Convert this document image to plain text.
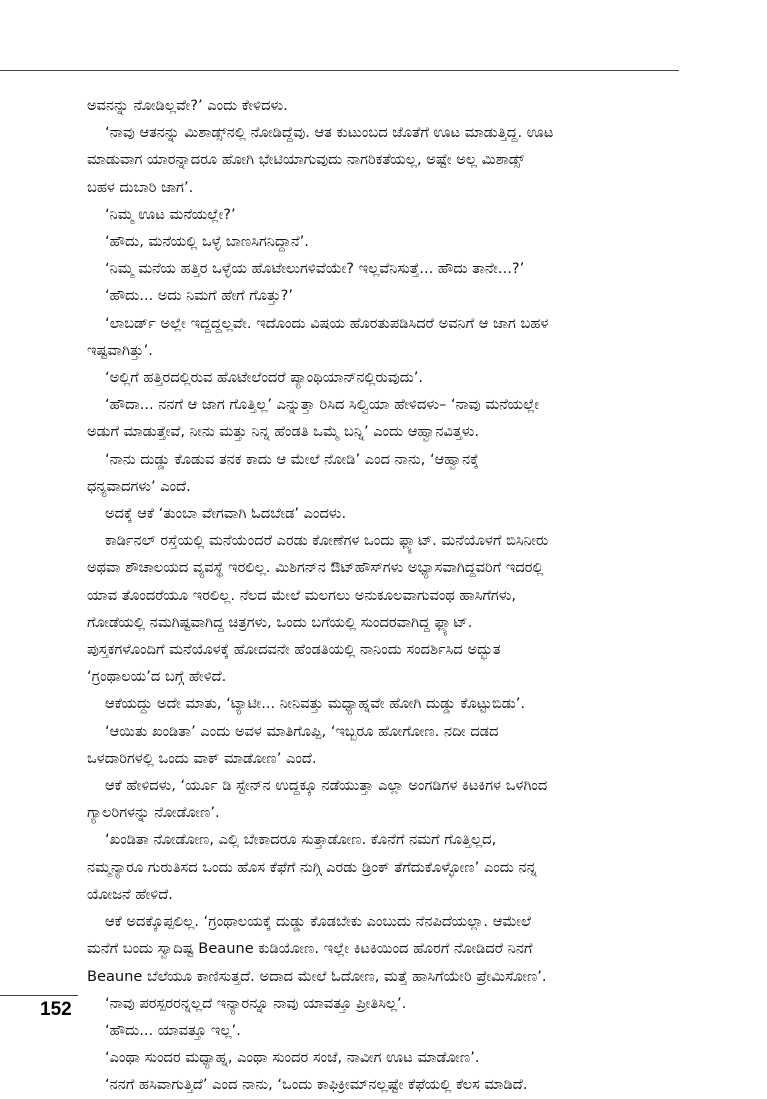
ಅವನನ್ನು ನೋಡಿಲ್ಲವೇ?’ ಎಂದು ಕೇಳಿದಳು.

‘ನಾವು ಆತನನ್ನು ಮಿಶಾಡ್ಸ್‌ನಲ್ಲಿ ನೋಡಿದ್ದೆವು. ಆತ ಕುಟುಂಬದ ಜೊತೆಗೆ ಊಟ ಮಾಡುತ್ತಿದ್ದ. ಊಟ

ಮಾಡುವಾಗ ಯಾರನ್ನಾದರೂ ಹೋಗಿ ಭೇಟಿಯಾಗುವುದು ನಾಗರಿಕತೆಯಲ್ಲ, ಅಷ್ಟೇ ಅಲ್ಲ ಮಿಶಾಡ್ಸ್

ಬಹಳ ದುಬಾರಿ ಜಾಗ’.

‘ನಿಮ್ಮ ಊಟ ಮನೆಯಲ್ಲೇ?’

‘ಹೌದು, ಮನೆಯಲ್ಲಿ ಒಳ್ಳೆ ಬಾಣಸಿಗನಿದ್ದಾನೆ’.

‘ನಿಮ್ಮ ಮನೆಯ ಹತ್ತಿರ ಒಳ್ಳೆಯ ಹೊಟೇಲುಗಳಿವೆಯೇ? ಇಲ್ಲವೆನಿಸುತ್ತೆ... ಹೌದು ತಾನೇ...?’

‘ಹೌದು... ಅದು ನಿಮಗೆ ಹೇಗೆ ಗೊತ್ತು?’

‘ಲಾಬರ್ಡ್ ಅಲ್ಲೇ ಇದ್ದದ್ದಲ್ಲವೇ. ಇದೊಂದು ವಿಷಯ ಹೊರತುಪಡಿಸಿದರೆ ಅವನಿಗೆ ಆ ಜಾಗ ಬಹಳ

ಇಷ್ಟವಾಗಿತ್ತು’.

‘ಅಲ್ಲಿಗೆ ಹತ್ತಿರದಲ್ಲಿರುವ ಹೊಟೇಲೆಂದರೆ ಪ್ಯಾಂಥಿಯಾನ್‌ನಲ್ಲಿರುವುದು’.

‘ಹೌದಾ... ನನಗೆ ಆ ಜಾಗ ಗೊತ್ತಿಲ್ಲ’ ಎನ್ನುತ್ತಾ ರಿಸಿದ ಸಿಲ್ವಿಯಾ ಹೇಳಿದಳು– ‘ನಾವು ಮನೆಯಲ್ಲೇ

ಅಡುಗೆ ಮಾಡುತ್ತೇವೆ, ನೀನು ಮತ್ತು ನಿನ್ನ ಹೆಂಡತಿ ಒಮ್ಮೆ ಬನ್ನಿ’ ಎಂದು ಆಹ್ವಾನವಿತ್ತಳು.

‘ನಾನು ದುಡ್ಡು ಕೊಡುವ ತನಕ ಕಾದು ಆ ಮೇಲೆ ನೋಡಿ’ ಎಂದ ನಾನು, ‘ಆಹ್ವಾನಕ್ಕೆ

ಧನ್ಯವಾದಗಳು’ ಎಂದೆ.

ಅದಕ್ಕೆ ಆಕೆ ‘ತುಂಬಾ ವೇಗವಾಗಿ ಓದಬೇಡ’ ಎಂದಳು.

ಕಾರ್ಡಿನಲ್ ರಸ್ತೆಯಲ್ಲಿ ಮನೆಯೆಂದರೆ ಎರಡು ಕೋಣೆಗಳ ಒಂದು ಫ್ಲ್ಯಾಟ್. ಮನೆಯೊಳಗೆ ಬಿಸಿನೀರು

ಅಥವಾ ಶೌಚಾಲಯದ ವ್ಯವಸ್ಥೆ ಇರಲಿಲ್ಲ. ಮಿಶಿಗನ್‌ನ ಔಟ್‌ಹೌಸ್‌ಗಳು ಅಭ್ಯಾಸವಾಗಿದ್ದವರಿಗೆ ಇದರಲ್ಲಿ

ಯಾವ ತೊಂದರೆಯೂ ಇರಲಿಲ್ಲ. ನೆಲದ ಮೇಲೆ ಮಲಗಲು ಅನುಕೂಲವಾಗುವಂಥ ಹಾಸಿಗೆಗಳು,

ಗೋಡೆಯಲ್ಲಿ ನಮಗಿಷ್ಟವಾಗಿದ್ದ ಚಿತ್ರಗಳು, ಒಂದು ಬಗೆಯಲ್ಲಿ ಸುಂದರವಾಗಿದ್ದ ಫ್ಲ್ಯಾಟ್.

ಪುಸ್ತಕಗಳೊಂದಿಗೆ ಮನೆಯೊಳಕ್ಕೆ ಹೋದವನೇ ಹೆಂಡತಿಯಲ್ಲಿ ನಾನಿಂದು ಸಂದರ್ಶಿಸಿದ ಅದ್ಭುತ

‘ಗ್ರಂಥಾಲಯ’ದ ಬಗ್ಗೆ ಹೇಳಿದೆ.

ಆಕೆಯದ್ದು ಅದೇ ಮಾತು, ‘ಟ್ಯಾಟೀ... ನೀನಿವತ್ತು ಮಧ್ಯಾಹ್ನವೇ ಹೋಗಿ ದುಡ್ಡು ಕೊಟ್ಟುಬಿಡು’.

‘ಆಯಿತು ಖಂಡಿತಾ’ ಎಂದು ಅವಳ ಮಾತಿಗೊಪ್ಪಿ, ‘ಇಬ್ಬರೂ ಹೋಗೋಣ. ನದೀ ದಡದ

ಒಳದಾರಿಗಳಲ್ಲಿ ಒಂದು ವಾಕ್ ಮಾಡೋಣ’ ಎಂದೆ.

ಆಕೆ ಹೇಳಿದಳು, ‘ರ್ಯೂ ಡಿ ಸ್ಟೇನ್‌ನ ಉದ್ದಕ್ಕೂ ನಡೆಯುತ್ತಾ ಎಲ್ಲಾ ಅಂಗಡಿಗಳ ಕಿಟಕಿಗಳ ಒಳಗಿಂದ

ಗ್ಯಾಲರಿಗಳನ್ನು ನೋಡೋಣ’.

‘ಖಂಡಿತಾ ನೋಡೋಣ, ಎಲ್ಲಿ ಬೇಕಾದರೂ ಸುತ್ತಾಡೋಣ. ಕೊನೆಗೆ ನಮಗೆ ಗೊತ್ತಿಲ್ಲದ,

ನಮ್ಮನ್ಯಾರೂ ಗುರುತಿಸದ ಒಂದು ಹೊಸ ಕೆಫೆಗೆ ನುಗ್ಗಿ ಎರಡು ಡ್ರಿಂಕ್ ತೆಗೆದುಕೊಳ್ಳೋಣ’ ಎಂದು ನನ್ನ

ಯೋಜನೆ ಹೇಳಿದೆ.

ಆಕೆ ಅದಕ್ಕೊಪ್ಪಲಿಲ್ಲ. ‘ಗ್ರಂಥಾಲಯಕ್ಕೆ ದುಡ್ಡು ಕೊಡಬೇಕು ಎಂಬುದು ನೆನಪಿದೆಯಲ್ಲಾ. ಆಮೇಲೆ

ಮನೆಗೆ ಬಂದು ಸ್ವಾದಿಷ್ಟ Beaune ಕುಡಿಯೋಣ. ಇಲ್ಲೇ ಕಿಟಕಿಯಿಂದ ಹೊರಗೆ ನೋಡಿದರೆ ನಿನಗೆ

Beaune ಬೆಲೆಯೂ ಕಾಣಿಸುತ್ತದೆ. ಅದಾದ ಮೇಲೆ ಓದೋಣ, ಮತ್ತೆ ಹಾಸಿಗೆಯೇರಿ ಪ್ರೇಮಿಸೋಣ’.

‘ನಾವು ಪರಸ್ಪರರನ್ನಲ್ಲದೆ ಇನ್ಯಾರನ್ನೂ ನಾವು ಯಾವತ್ತೂ ಪ್ರೀತಿಸಿಲ್ಲ’.

‘ಹೌದು... ಯಾವತ್ತೂ ಇಲ್ಲ’.

‘ಎಂಥಾ ಸುಂದರ ಮಧ್ಯಾಹ್ನ, ಎಂಥಾ ಸುಂದರ ಸಂಜೆ, ನಾವೀಗ ಊಟ ಮಾಡೋಣ’.

‘ನನಗೆ ಹಸಿವಾಗುತ್ತಿದೆ’ ಎಂದ ನಾನು, ‘ಒಂದು ಕಾಫಿಕ್ರೀಮ್‌ನಲ್ಲಷ್ಟೇ ಕೆಫೆಯಲ್ಲಿ ಕೆಲಸ ಮಾಡಿದೆ.

152
